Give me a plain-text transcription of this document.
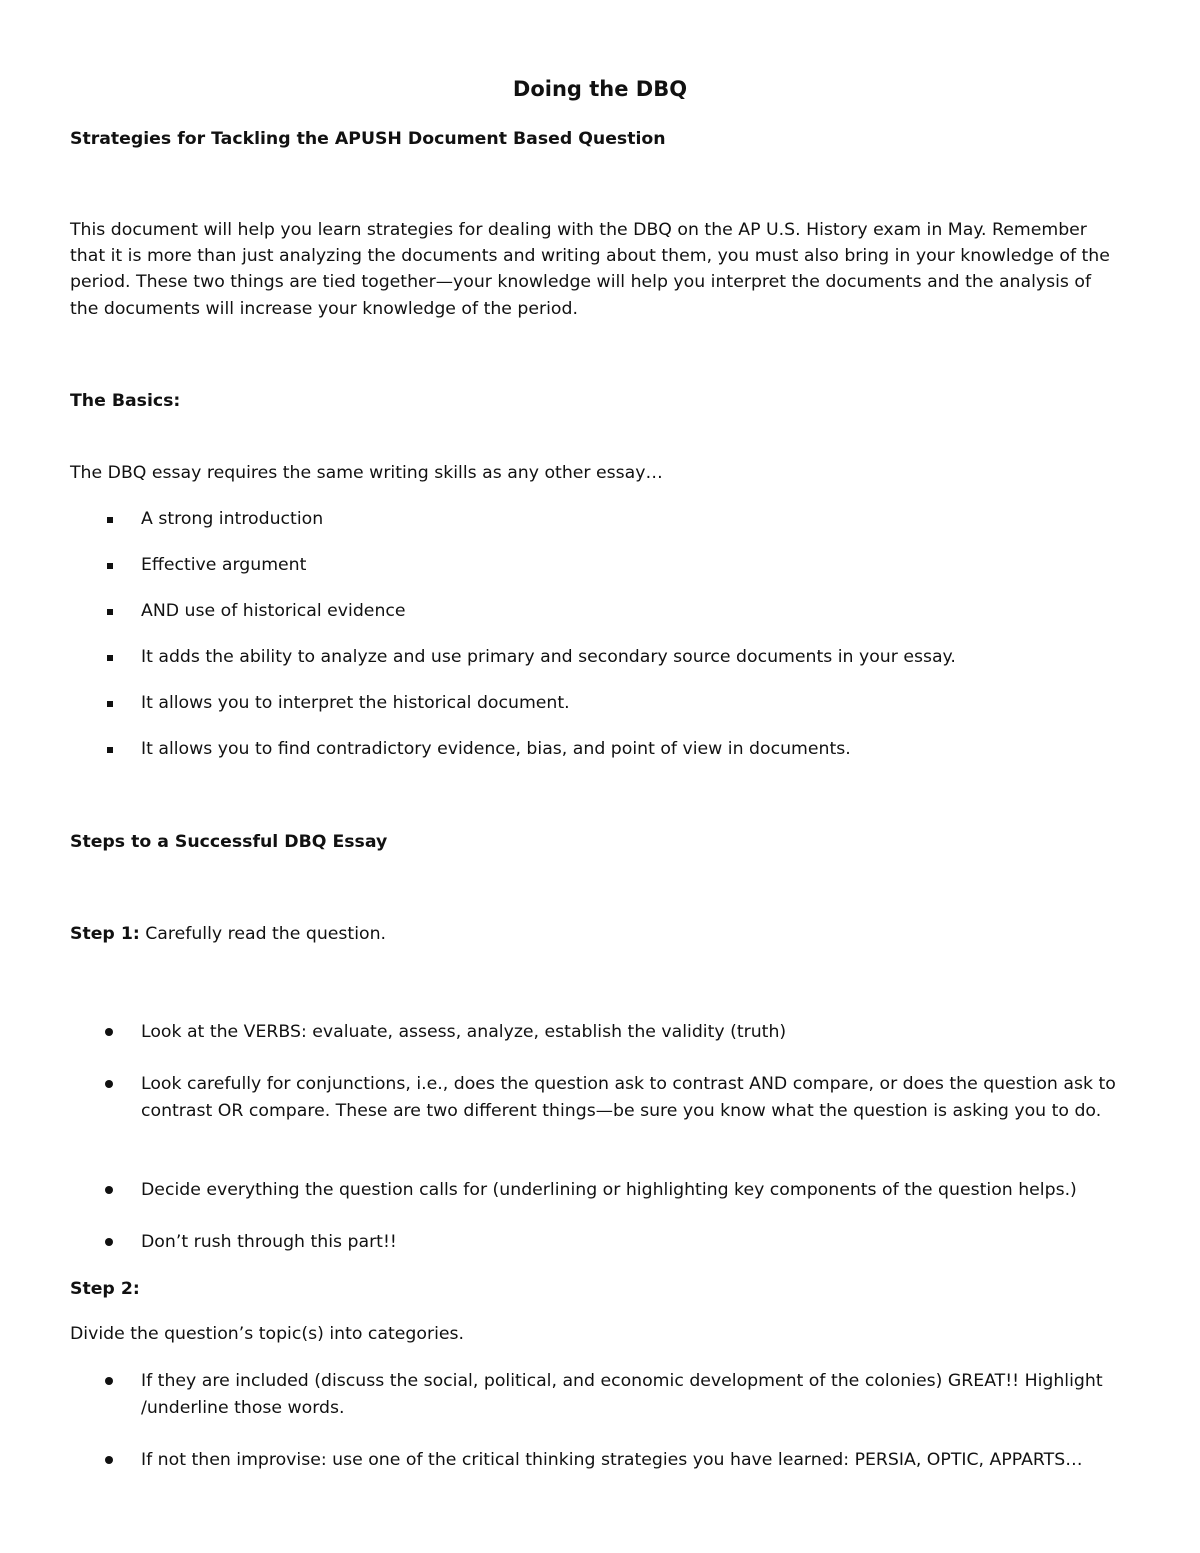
Doing the DBQ
Strategies for Tackling the APUSH Document Based Question
This document will help you learn strategies for dealing with the DBQ on the AP U.S. History exam in May. Remember
that it is more than just analyzing the documents and writing about them, you must also bring in your knowledge of the
period. These two things are tied together—your knowledge will help you interpret the documents and the analysis of
the documents will increase your knowledge of the period.
The Basics:
The DBQ essay requires the same writing skills as any other essay…
A strong introduction
Effective argument
AND use of historical evidence
It adds the ability to analyze and use primary and secondary source documents in your essay.
It allows you to interpret the historical document.
It allows you to find contradictory evidence, bias, and point of view in documents.
Steps to a Successful DBQ Essay
Step 1: Carefully read the question.
Look at the VERBS: evaluate, assess, analyze, establish the validity (truth)
Look carefully for conjunctions, i.e., does the question ask to contrast AND compare, or does the question ask to
contrast OR compare. These are two different things—be sure you know what the question is asking you to do.
Decide everything the question calls for (underlining or highlighting key components of the question helps.)
Don’t rush through this part!!
Step 2:
Divide the question’s topic(s) into categories.
If they are included (discuss the social, political, and economic development of the colonies) GREAT!! Highlight
/underline those words.
If not then improvise: use one of the critical thinking strategies you have learned: PERSIA, OPTIC, APPARTS…
